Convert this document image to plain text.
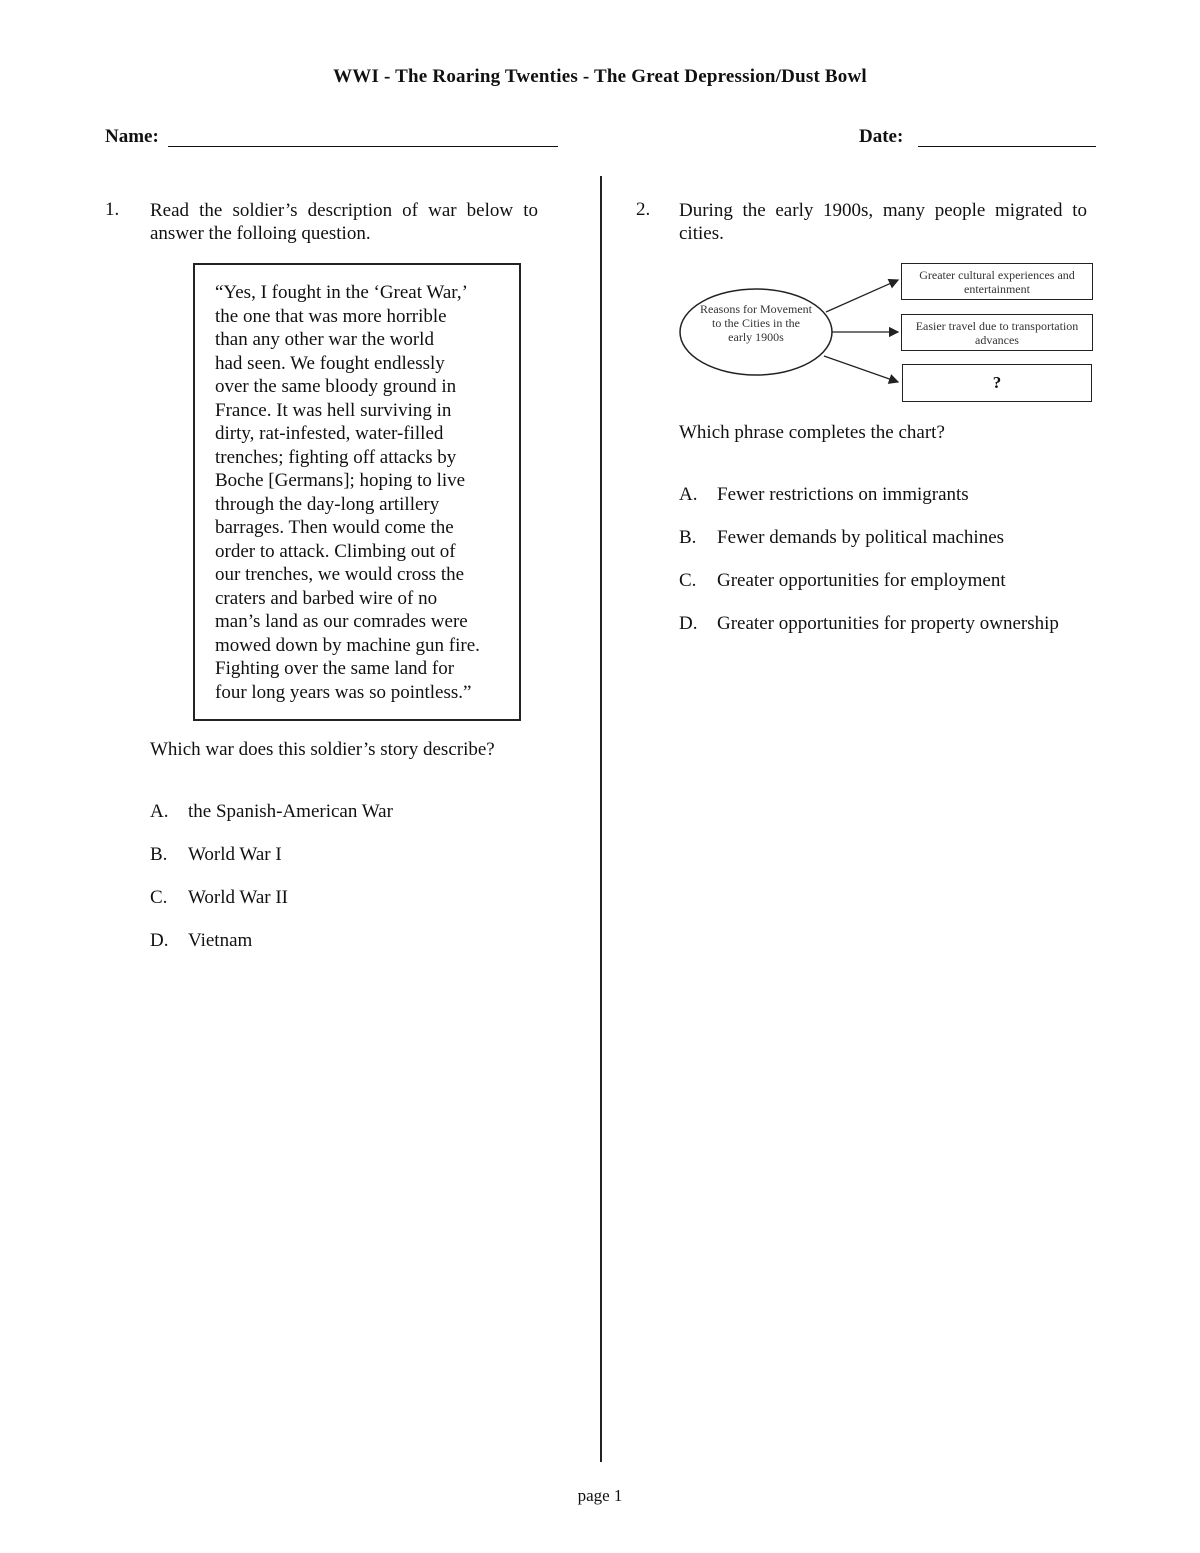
WWI - The Roaring Twenties - The Great Depression/Dust Bowl
Name:	Date:
1. Read the soldier’s description of war below to answer the folloing question.
“Yes, I fought in the ‘Great War,’
the one that was more horrible
than any other war the world
had seen. We fought endlessly
over the same bloody ground in
France. It was hell surviving in
dirty, rat-infested, water-filled
trenches; fighting off attacks by
Boche [Germans]; hoping to live
through the day-long artillery
barrages. Then would come the
order to attack. Climbing out of
our trenches, we would cross the
craters and barbed wire of no
man’s land as our comrades were
mowed down by machine gun fire.
Fighting over the same land for
four long years was so pointless.”
Which war does this soldier’s story describe?
A. the Spanish-American War
B. World War I
C. World War II
D. Vietnam
2. During the early 1900s, many people migrated to cities.
Reasons for Movement to the Cities in the early 1900s
Greater cultural experiences and entertainment
Easier travel due to transportation advances
?
Which phrase completes the chart?
A. Fewer restrictions on immigrants
B. Fewer demands by political machines
C. Greater opportunities for employment
D. Greater opportunities for property ownership
page 1
